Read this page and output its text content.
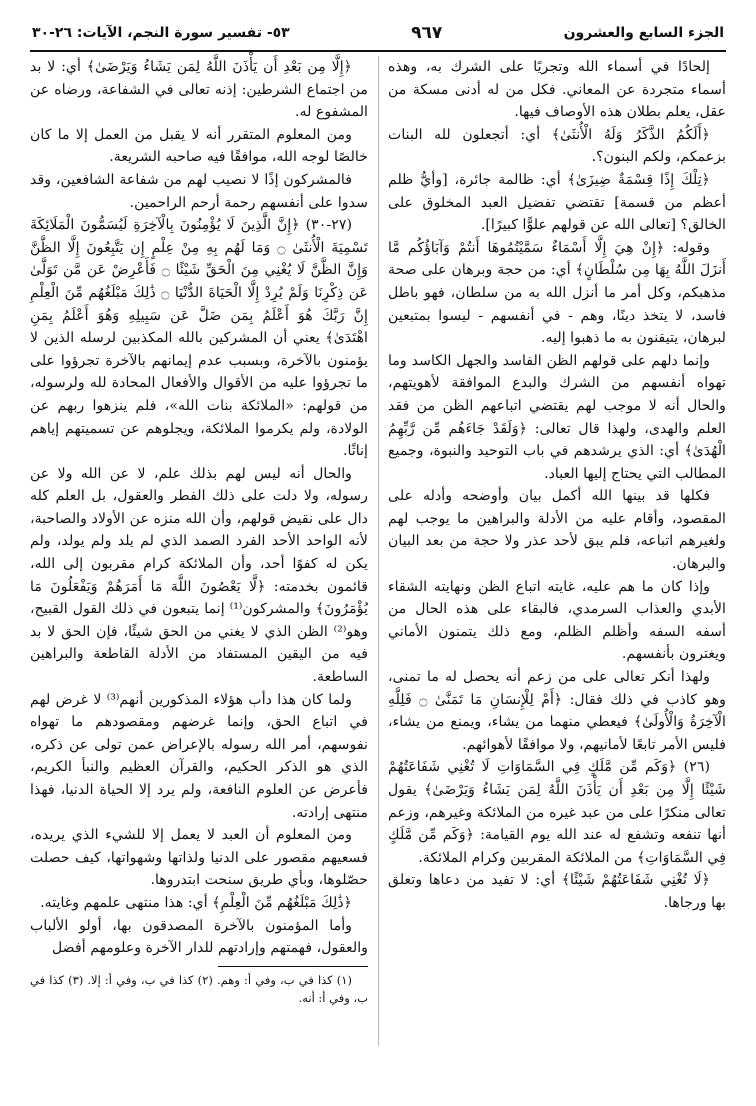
الجزء السابع والعشرون
٩٦٧
٥٣- تفسير سورة النجم، الآيات: ٢٦-٣٠

إلحادًا في أسماء الله وتجريًا على الشرك به، وهذه أسماء متجردة عن المعاني. فكل من له أدنى مسكة من عقل، يعلم بطلان هذه الأوصاف فيها.

﴿أَلَكُمُ الذَّكَرُ وَلَهُ الْأُنثَىٰ﴾ أي: أتجعلون لله البنات بزعمكم، ولكم البنون؟.

﴿تِلْكَ إِذًا قِسْمَةٌ ضِيزَىٰ﴾ أي: ظالمة جائرة، [وأيُّ ظلم أعظم من قسمة] تقتضي تفضيل العبد المخلوق على الخالق؟ [تعالى الله عن قولهم علوًّا كبيرًا].

وقوله: ﴿إِنْ هِيَ إِلَّا أَسْمَاءٌ سَمَّيْتُمُوهَا أَنتُمْ وَآبَاؤُكُم مَّا أَنزَلَ اللَّهُ بِهَا مِن سُلْطَانٍ﴾ أي: من حجة وبرهان على صحة مذهبكم، وكل أمر ما أنزل الله به من سلطان، فهو باطل فاسد، لا يتخذ دينًا، وهم - في أنفسهم - ليسوا بمتبعين لبرهان، يتيقنون به ما ذهبوا إليه.

وإنما دلهم على قولهم الظن الفاسد والجهل الكاسد وما تهواه أنفسهم من الشرك والبدع الموافقة لأهويتهم، والحال أنه لا موجب لهم يقتضي اتباعهم الظن من فقد العلم والهدى، ولهذا قال تعالى: ﴿وَلَقَدْ جَاءَهُم مِّن رَّبِّهِمُ الْهُدَىٰ﴾ أي: الذي يرشدهم في باب التوحيد والنبوة، وجميع المطالب التي يحتاج إليها العباد.

فكلها قد بينها الله أكمل بيان وأوضحه وأدله على المقصود، وأقام عليه من الأدلة والبراهين ما يوجب لهم ولغيرهم اتباعه، فلم يبق لأحد عذر ولا حجة من بعد البيان والبرهان.

وإذا كان ما هم عليه، غايته اتباع الظن ونهايته الشقاء الأبدي والعذاب السرمدي، فالبقاء على هذه الحال من أسفه السفه وأظلم الظلم، ومع ذلك يتمنون الأماني ويغترون بأنفسهم.

ولهذا أنكر تعالى على من زعم أنه يحصل له ما تمنى، وهو كاذب في ذلك فقال: ﴿أَمْ لِلْإِنسَانِ مَا تَمَنَّىٰ ۝ فَلِلَّهِ الْآخِرَةُ وَالْأُولَىٰ﴾ فيعطي منهما من يشاء، ويمنع من يشاء، فليس الأمر تابعًا لأمانيهم، ولا موافقًا لأهوائهم.

(٢٦) ﴿وَكَم مِّن مَّلَكٍ فِي السَّمَاوَاتِ لَا تُغْنِي شَفَاعَتُهُمْ شَيْئًا إِلَّا مِن بَعْدِ أَن يَأْذَنَ اللَّهُ لِمَن يَشَاءُ وَيَرْضَىٰ﴾ يقول تعالى منكرًا على من عبد غيره من الملائكة وغيرهم، وزعم أنها تنفعه وتشفع له عند الله يوم القيامة: ﴿وَكَم مِّن مَّلَكٍ فِي السَّمَاوَاتِ﴾ من الملائكة المقربين وكرام الملائكة.

﴿لَا تُغْنِي شَفَاعَتُهُمْ شَيْئًا﴾ أي: لا تفيد من دعاها وتعلق بها ورجاها.

﴿إِلَّا مِن بَعْدِ أَن يَأْذَنَ اللَّهُ لِمَن يَشَاءُ وَيَرْضَىٰ﴾ أي: لا بد من اجتماع الشرطين: إذنه تعالى في الشفاعة، ورضاه عن المشفوع له.

ومن المعلوم المتقرر أنه لا يقبل من العمل إلا ما كان خالصًا لوجه الله، موافقًا فيه صاحبه الشريعة.

فالمشركون إذًا لا نصيب لهم من شفاعة الشافعين، وقد سدوا على أنفسهم رحمة أرحم الراحمين.

(٢٧-٣٠) ﴿إِنَّ الَّذِينَ لَا يُؤْمِنُونَ بِالْآخِرَةِ لَيُسَمُّونَ الْمَلَائِكَةَ تَسْمِيَةَ الْأُنثَىٰ ۝ وَمَا لَهُم بِهِ مِنْ عِلْمٍ إِن يَتَّبِعُونَ إِلَّا الظَّنَّ وَإِنَّ الظَّنَّ لَا يُغْنِي مِنَ الْحَقِّ شَيْئًا ۝ فَأَعْرِضْ عَن مَّن تَوَلَّىٰ عَن ذِكْرِنَا وَلَمْ يُرِدْ إِلَّا الْحَيَاةَ الدُّنْيَا ۝ ذَٰلِكَ مَبْلَغُهُم مِّنَ الْعِلْمِ إِنَّ رَبَّكَ هُوَ أَعْلَمُ بِمَن ضَلَّ عَن سَبِيلِهِ وَهُوَ أَعْلَمُ بِمَنِ اهْتَدَىٰ﴾ يعني أن المشركين بالله المكذبين لرسله الذين لا يؤمنون بالآخرة، وبسبب عدم إيمانهم بالآخرة تجرؤوا على ما تجرؤوا عليه من الأقوال والأفعال المحادة لله ولرسوله، من قولهم: «الملائكة بنات الله»، فلم ينزهوا ربهم عن الولادة، ولم يكرموا الملائكة، ويجلوهم عن تسميتهم إياهم إناثًا.

والحال أنه ليس لهم بذلك علم، لا عن الله ولا عن رسوله، ولا دلت على ذلك الفطر والعقول، بل العلم كله دال على نقيض قولهم، وأن الله منزه عن الأولاد والصاحبة، لأنه الواحد الأحد الفرد الصمد الذي لم يلد ولم يولد، ولم يكن له كفوًا أحد، وأن الملائكة كرام مقربون إلى الله، قائمون بخدمته: ﴿لَّا يَعْصُونَ اللَّهَ مَا أَمَرَهُمْ وَيَفْعَلُونَ مَا يُؤْمَرُونَ﴾ والمشركون⁽¹⁾ إنما يتبعون في ذلك القول القبيح، وهو⁽²⁾ الظن الذي لا يغني من الحق شيئًا، فإن الحق لا بد فيه من اليقين المستفاد من الأدلة القاطعة والبراهين الساطعة.

ولما كان هذا دأب هؤلاء المذكورين أنهم⁽³⁾ لا غرض لهم في اتباع الحق، وإنما غرضهم ومقصودهم ما تهواه نفوسهم، أمر الله رسوله بالإعراض عمن تولى عن ذكره، الذي هو الذكر الحكيم، والقرآن العظيم والنبأ الكريم، فأعرض عن العلوم النافعة، ولم يرد إلا الحياة الدنيا، فهذا منتهى إرادته.

ومن المعلوم أن العبد لا يعمل إلا للشيء الذي يريده، فسعيهم مقصور على الدنيا ولذاتها وشهواتها، كيف حصلت حصّلوها، وبأي طريق سنحت ابتدروها.

﴿ذَٰلِكَ مَبْلَغُهُم مِّنَ الْعِلْمِ﴾ أي: هذا منتهى علمهم وغايته.

وأما المؤمنون بالآخرة المصدقون بها، أولو الألباب والعقول، فهمتهم وإرادتهم للدار الآخرة وعلومهم أفضل

(١) كذا في ب، وفي أ: وهم. (٢) كذا في ب، وفي أ: إلا. (٣) كذا في ب، وفي أ: أنه.
